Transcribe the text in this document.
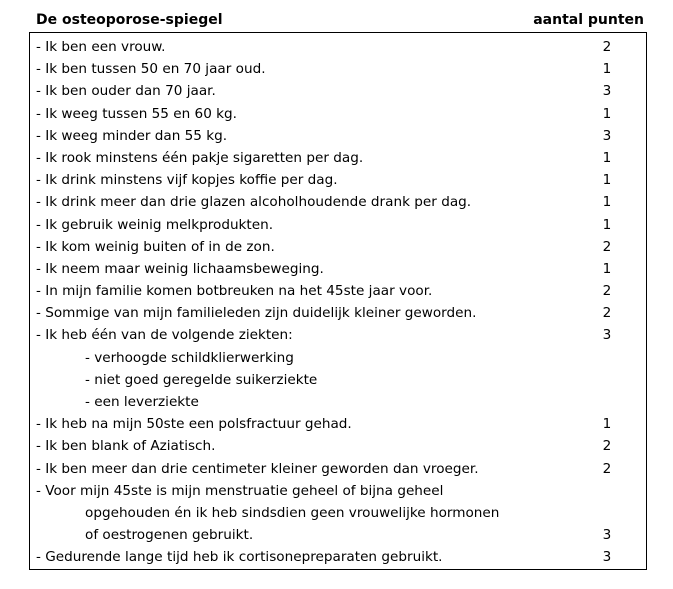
De osteoporose-spiegel	aantal punten
- Ik ben een vrouw.	2
- Ik ben tussen 50 en 70 jaar oud.	1
- Ik ben ouder dan 70 jaar.	3
- Ik weeg tussen 55 en 60 kg.	1
- Ik weeg minder dan 55 kg.	3
- Ik rook minstens één pakje sigaretten per dag.	1
- Ik drink minstens vijf kopjes koffie per dag.	1
- Ik drink meer dan drie glazen alcoholhoudende drank per dag.	1
- Ik gebruik weinig melkprodukten.	1
- Ik kom weinig buiten of in de zon.	2
- Ik neem maar weinig lichaamsbeweging.	1
- In mijn familie komen botbreuken na het 45ste jaar voor.	2
- Sommige van mijn familieleden zijn duidelijk kleiner geworden.	2
- Ik heb één van de volgende ziekten:	3
- verhoogde schildklierwerking
- niet goed geregelde suikerziekte
- een leverziekte
- Ik heb na mijn 50ste een polsfractuur gehad.	1
- Ik ben blank of Aziatisch.	2
- Ik ben meer dan drie centimeter kleiner geworden dan vroeger.	2
- Voor mijn 45ste is mijn menstruatie geheel of bijna geheel
opgehouden én ik heb sindsdien geen vrouwelijke hormonen
of oestrogenen gebruikt.	3
- Gedurende lange tijd heb ik cortisonepreparaten gebruikt.	3
